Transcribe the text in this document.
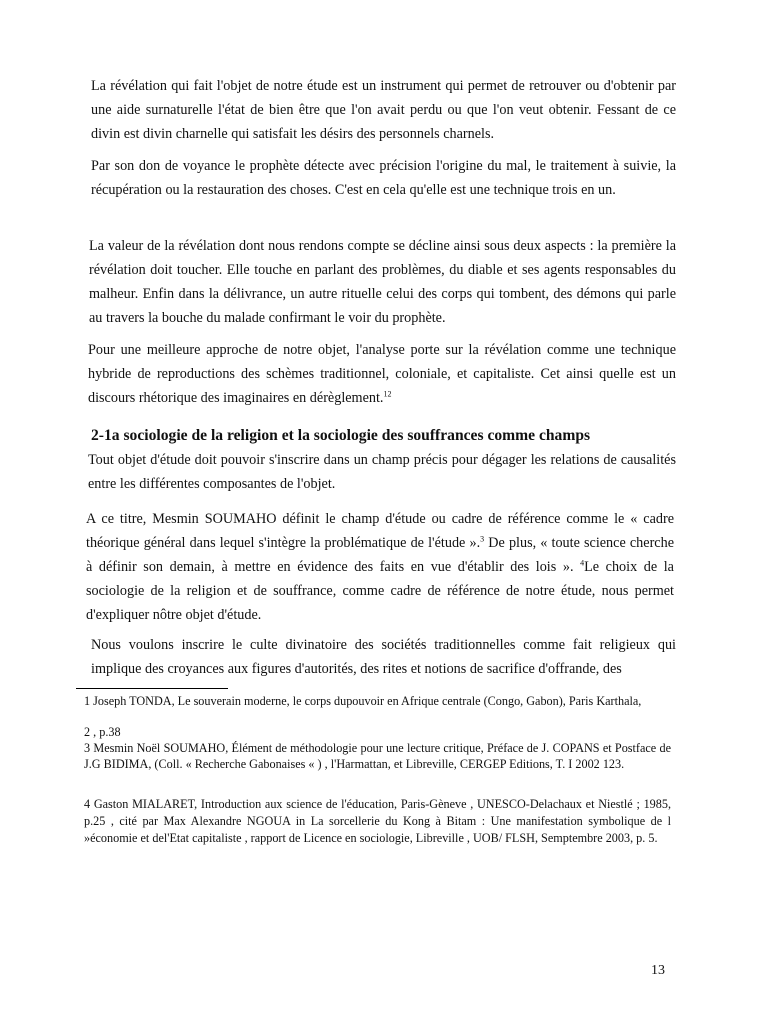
La révélation qui fait l'objet de notre étude est un instrument qui permet de retrouver ou d'obtenir par une aide surnaturelle l'état de bien être que l'on avait perdu ou que l'on veut obtenir. Fessant de ce divin est divin charnelle qui satisfait les désirs des personnels charnels.

Par son don de voyance le prophète détecte avec précision l'origine du mal, le traitement à suivie, la récupération ou la restauration des choses. C'est en cela qu'elle est une technique trois en un.

La valeur de la révélation dont nous rendons compte se décline ainsi sous deux aspects : la première la révélation doit toucher. Elle touche en parlant des problèmes, du diable et ses agents responsables du malheur. Enfin dans la délivrance, un autre rituelle celui des corps qui tombent, des démons qui parle au travers la bouche du malade confirmant le voir du prophète.

Pour une meilleure approche de notre objet, l'analyse porte sur la révélation comme une technique hybride de reproductions des schèmes traditionnel, coloniale, et capitaliste. Cet ainsi quelle est un discours rhétorique des imaginaires en dérèglement.$^{12}$

2-1a sociologie de la religion et la sociologie des souffrances comme champs

Tout objet d'étude doit pouvoir s'inscrire dans un champ précis pour dégager les relations de causalités entre les différentes composantes de l'objet.

A ce titre, Mesmin SOUMAHO définit le champ d'étude ou cadre de référence comme le « cadre théorique général dans lequel s'intègre la problématique de l'étude ».$^3$ De plus, « toute science cherche à définir son demain, à mettre en évidence des faits en vue d'établir des lois ». $^4$Le choix de la sociologie de la religion et de souffrance, comme cadre de référence de notre étude, nous permet d'expliquer nôtre objet d'étude.

Nous voulons inscrire le culte divinatoire des sociétés traditionnelles comme fait religieux qui implique des croyances aux figures d'autorités, des rites et notions de sacrifice d'offrande, des

1 Joseph TONDA, Le souverain moderne, le corps dupouvoir en Afrique centrale (Congo, Gabon), Paris Karthala,

2 , p.38

3 Mesmin Noël SOUMAHO, Élément de méthodologie pour une lecture critique, Préface de J. COPANS et Postface de J.G BIDIMA, (Coll. « Recherche Gabonaises « ) , l'Harmattan, et Libreville, CERGEP Editions, T. I 2002 123.

4 Gaston MIALARET, Introduction aux science de l'éducation, Paris-Gèneve , UNESCO-Delachaux et Niestlé ; 1985, p.25 , cité par Max Alexandre NGOUA in La sorcellerie du Kong à Bitam : Une manifestation symbolique de l »économie et del'Etat capitaliste , rapport de Licence en sociologie, Libreville , UOB/ FLSH, Semptembre 2003, p. 5.

13
